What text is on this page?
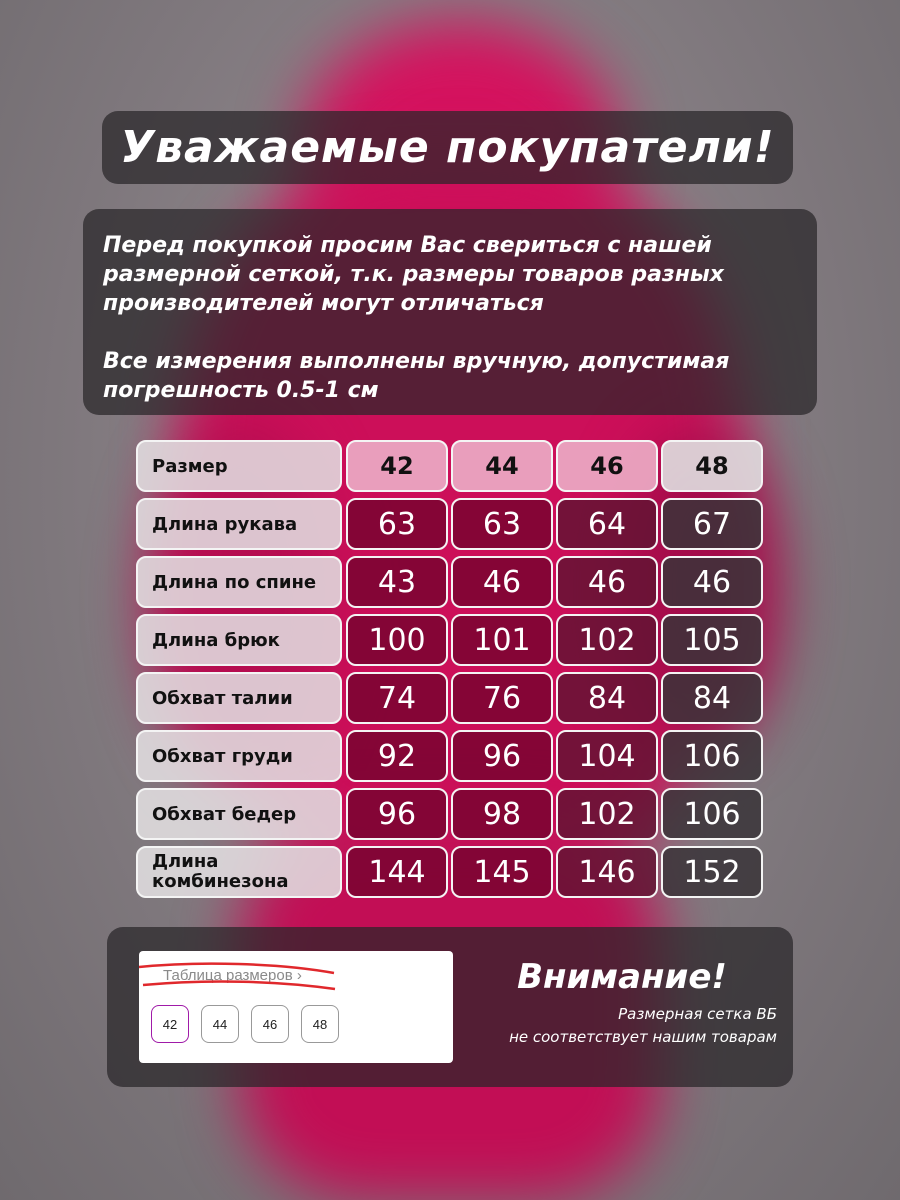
Уважаемые покупатели!

Перед покупкой просим Вас свериться с нашей размерной сеткой, т.к. размеры товаров разных производителей могут отличаться

Все измерения выполнены вручную, допустимая погрешность 0.5-1 см

Размер	42	44	46	48
Длина рукава	63	63	64	67
Длина по спине	43	46	46	46
Длина брюк	100	101	102	105
Обхват талии	74	76	84	84
Обхват груди	92	96	104	106
Обхват бедер	96	98	102	106
Длина комбинезона	144	145	146	152
Таблица размеров ›
42	44	46	48
Внимание!
Размерная сетка ВБ
не соответствует нашим товарам
